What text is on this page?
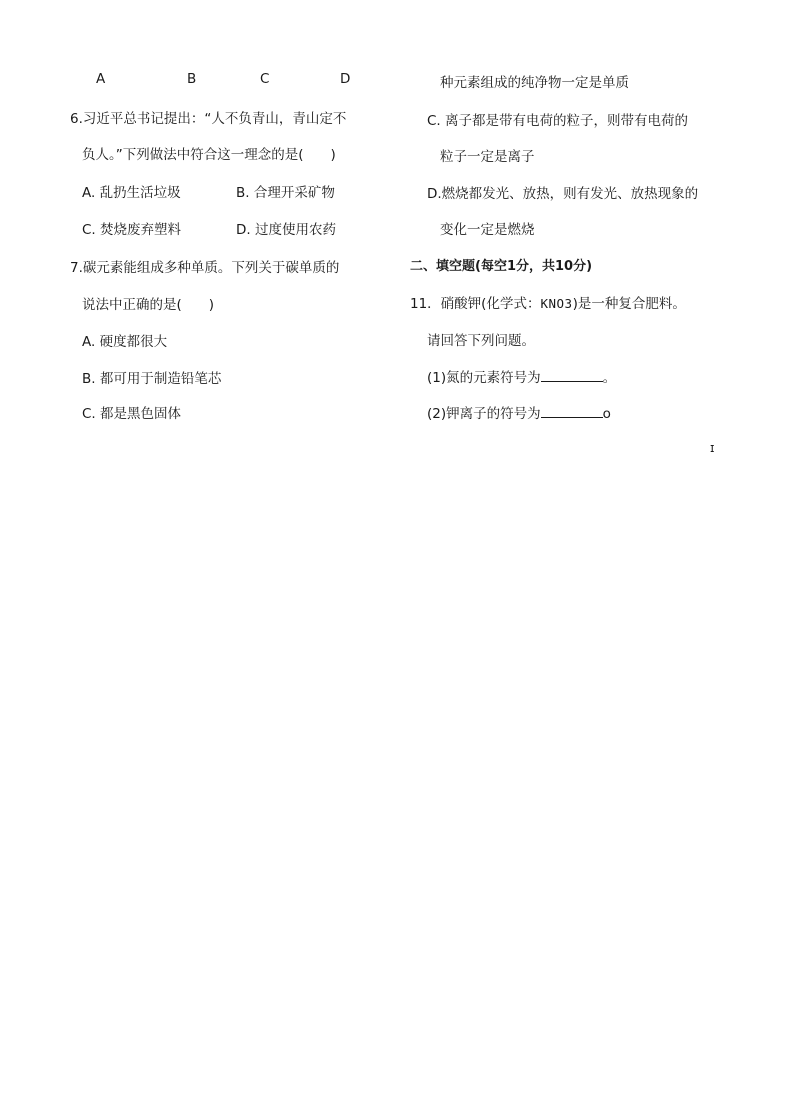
A	B	C	D
6.习近平总书记提出：“人不负青山，青山定不
负人。”下列做法中符合这一理念的是(　　)
A. 乱扔生活垃圾	B. 合理开采矿物
C. 焚烧废弃塑料	D. 过度使用农药
7.碳元素能组成多种单质。下列关于碳单质的
说法中正确的是(　　)
A. 硬度都很大
B. 都可用于制造铅笔芯
C. 都是黑色固体
种元素组成的纯净物一定是单质
C. 离子都是带有电荷的粒子，则带有电荷的
粒子一定是离子
D.燃烧都发光、放热，则有发光、放热现象的
变化一定是燃烧
二、填空题(每空1分，共10分)
11．硝酸钾(化学式：KNO3)是一种复合肥料。
请回答下列问题。
(1)氮的元素符号为	。
(2)钾离子的符号为	o
ɪ
